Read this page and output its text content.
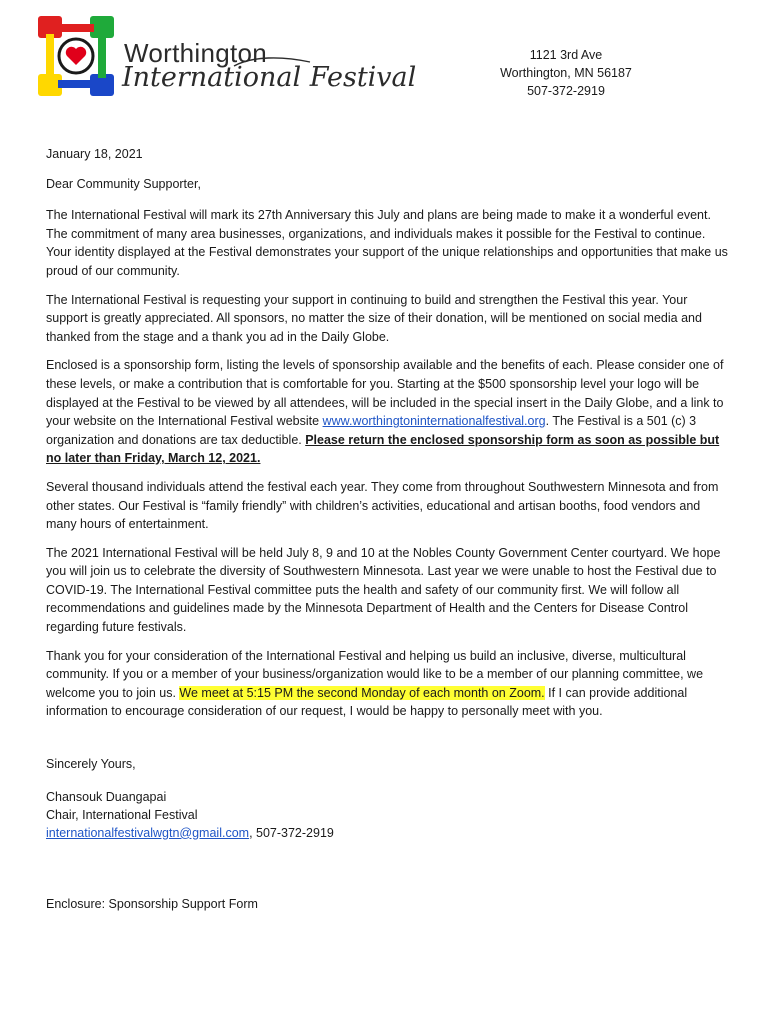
Worthington
International Festival
1121 3rd Ave
Worthington, MN 56187
507-372-2919

January 18, 2021

Dear Community Supporter,

The International Festival will mark its 27th Anniversary this July and plans are being made to make it a wonderful event. The commitment of many area businesses, organizations, and individuals makes it possible for the Festival to continue. Your identity displayed at the Festival demonstrates your support of the unique relationships and opportunities that make us proud of our community.

The International Festival is requesting your support in continuing to build and strengthen the Festival this year. Your support is greatly appreciated. All sponsors, no matter the size of their donation, will be mentioned on social media and thanked from the stage and a thank you ad in the Daily Globe.

Enclosed is a sponsorship form, listing the levels of sponsorship available and the benefits of each. Please consider one of these levels, or make a contribution that is comfortable for you. Starting at the $500 sponsorship level your logo will be displayed at the Festival to be viewed by all attendees, will be included in the special insert in the Daily Globe, and a link to your website on the International Festival website www.worthingtoninternationalfestival.org. The Festival is a 501 (c) 3 organization and donations are tax deductible. Please return the enclosed sponsorship form as soon as possible but no later than Friday, March 12, 2021.

Several thousand individuals attend the festival each year. They come from throughout Southwestern Minnesota and from other states. Our Festival is “family friendly” with children’s activities, educational and artisan booths, food vendors and many hours of entertainment.

The 2021 International Festival will be held July 8, 9 and 10 at the Nobles County Government Center courtyard. We hope you will join us to celebrate the diversity of Southwestern Minnesota. Last year we were unable to host the Festival due to COVID-19. The International Festival committee puts the health and safety of our community first. We will follow all recommendations and guidelines made by the Minnesota Department of Health and the Centers for Disease Control regarding future festivals.

Thank you for your consideration of the International Festival and helping us build an inclusive, diverse, multicultural community. If you or a member of your business/organization would like to be a member of our planning committee, we welcome you to join us. We meet at 5:15 PM the second Monday of each month on Zoom. If I can provide additional information to encourage consideration of our request, I would be happy to personally meet with you.

Sincerely Yours,

Chansouk Duangapai
Chair, International Festival
internationalfestivalwgtn@gmail.com, 507-372-2919
Enclosure: Sponsorship Support Form
